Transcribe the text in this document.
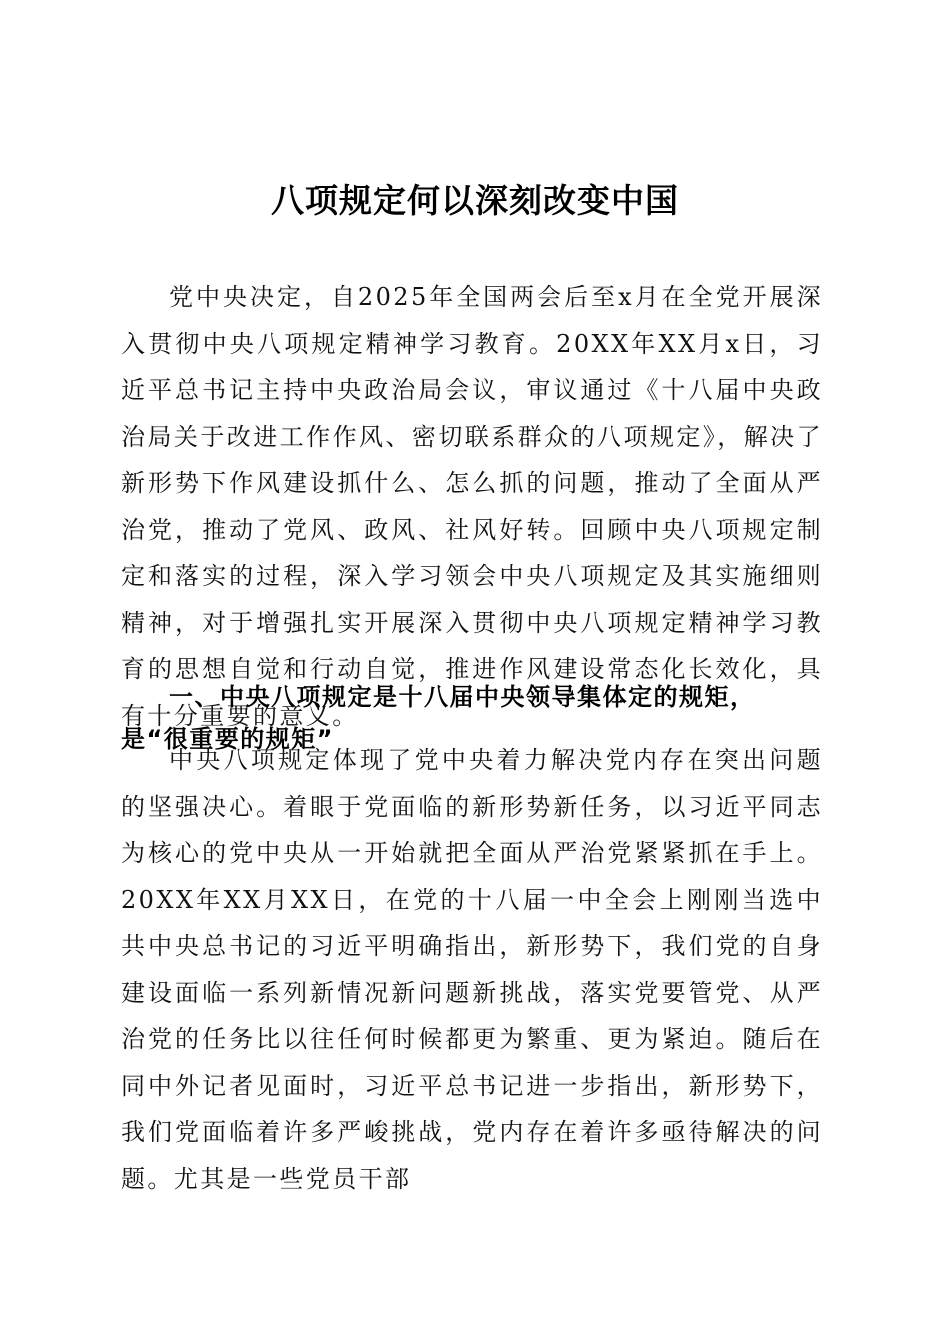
八项规定何以深刻改变中国

党中央决定，自2025年全国两会后至x月在全党开展深入贯彻中央八项规定精神学习教育。20XX年XX月x日，习近平总书记主持中央政治局会议，审议通过《十八届中央政治局关于改进工作作风、密切联系群众的八项规定》，解决了新形势下作风建设抓什么、怎么抓的问题，推动了全面从严治党，推动了党风、政风、社风好转。回顾中央八项规定制定和落实的过程，深入学习领会中央八项规定及其实施细则精神，对于增强扎实开展深入贯彻中央八项规定精神学习教育的思想自觉和行动自觉，推进作风建设常态化长效化，具有十分重要的意义。

一、中央八项规定是十八届中央领导集体定的规矩，是“很重要的规矩”

中央八项规定体现了党中央着力解决党内存在突出问题的坚强决心。着眼于党面临的新形势新任务，以习近平同志为核心的党中央从一开始就把全面从严治党紧紧抓在手上。20XX年XX月XX日，在党的十八届一中全会上刚刚当选中共中央总书记的习近平明确指出，新形势下，我们党的自身建设面临一系列新情况新问题新挑战，落实党要管党、从严治党的任务比以往任何时候都更为繁重、更为紧迫。随后在同中外记者见面时，习近平总书记进一步指出，新形势下，我们党面临着许多严峻挑战，党内存在着许多亟待解决的问题。尤其是一些党员干部
